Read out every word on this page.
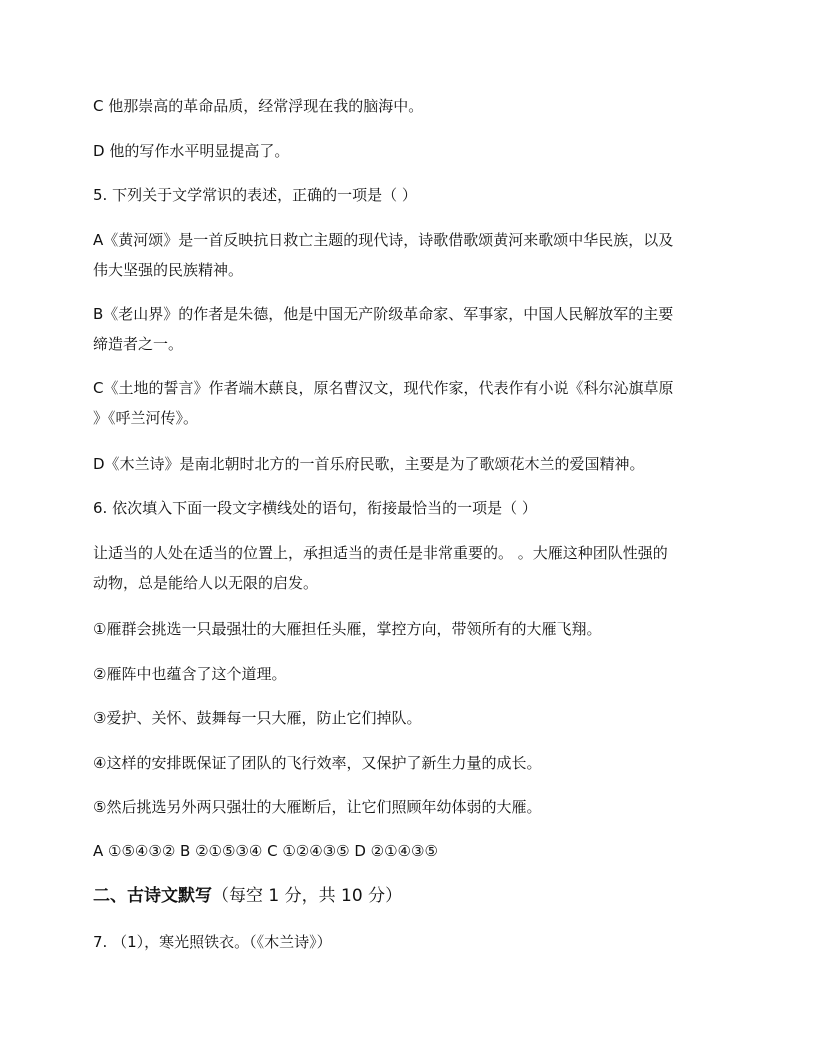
C 他那崇高的革命品质，经常浮现在我的脑海中。
D 他的写作水平明显提高了。
5. 下列关于文学常识的表述，正确的一项是（ ）
A《黄河颂》是一首反映抗日救亡主题的现代诗，诗歌借歌颂黄河来歌颂中华民族，以及
伟大坚强的民族精神。
B《老山界》的作者是朱德，他是中国无产阶级革命家、军事家，中国人民解放军的主要
缔造者之一。
C《土地的誓言》作者端木蕻良，原名曹汉文，现代作家，代表作有小说《科尔沁旗草原
》《呼兰河传》。
D《木兰诗》是南北朝时北方的一首乐府民歌，主要是为了歌颂花木兰的爱国精神。
6. 依次填入下面一段文字横线处的语句，衔接最恰当的一项是（ ）
让适当的人处在适当的位置上，承担适当的责任是非常重要的。 。大雁这种团队性强的
动物，总是能给人以无限的启发。
①雁群会挑选一只最强壮的大雁担任头雁，掌控方向，带领所有的大雁飞翔。
②雁阵中也蕴含了这个道理。
③爱护、关怀、鼓舞每一只大雁，防止它们掉队。
④这样的安排既保证了团队的飞行效率，又保护了新生力量的成长。
⑤然后挑选另外两只强壮的大雁断后，让它们照顾年幼体弱的大雁。
A ①⑤④③② B ②①⑤③④ C ①②④③⑤ D ②①④③⑤
二、古诗文默写（每空 1 分，共 10 分）
7. （1），寒光照铁衣。（《木兰诗》）
